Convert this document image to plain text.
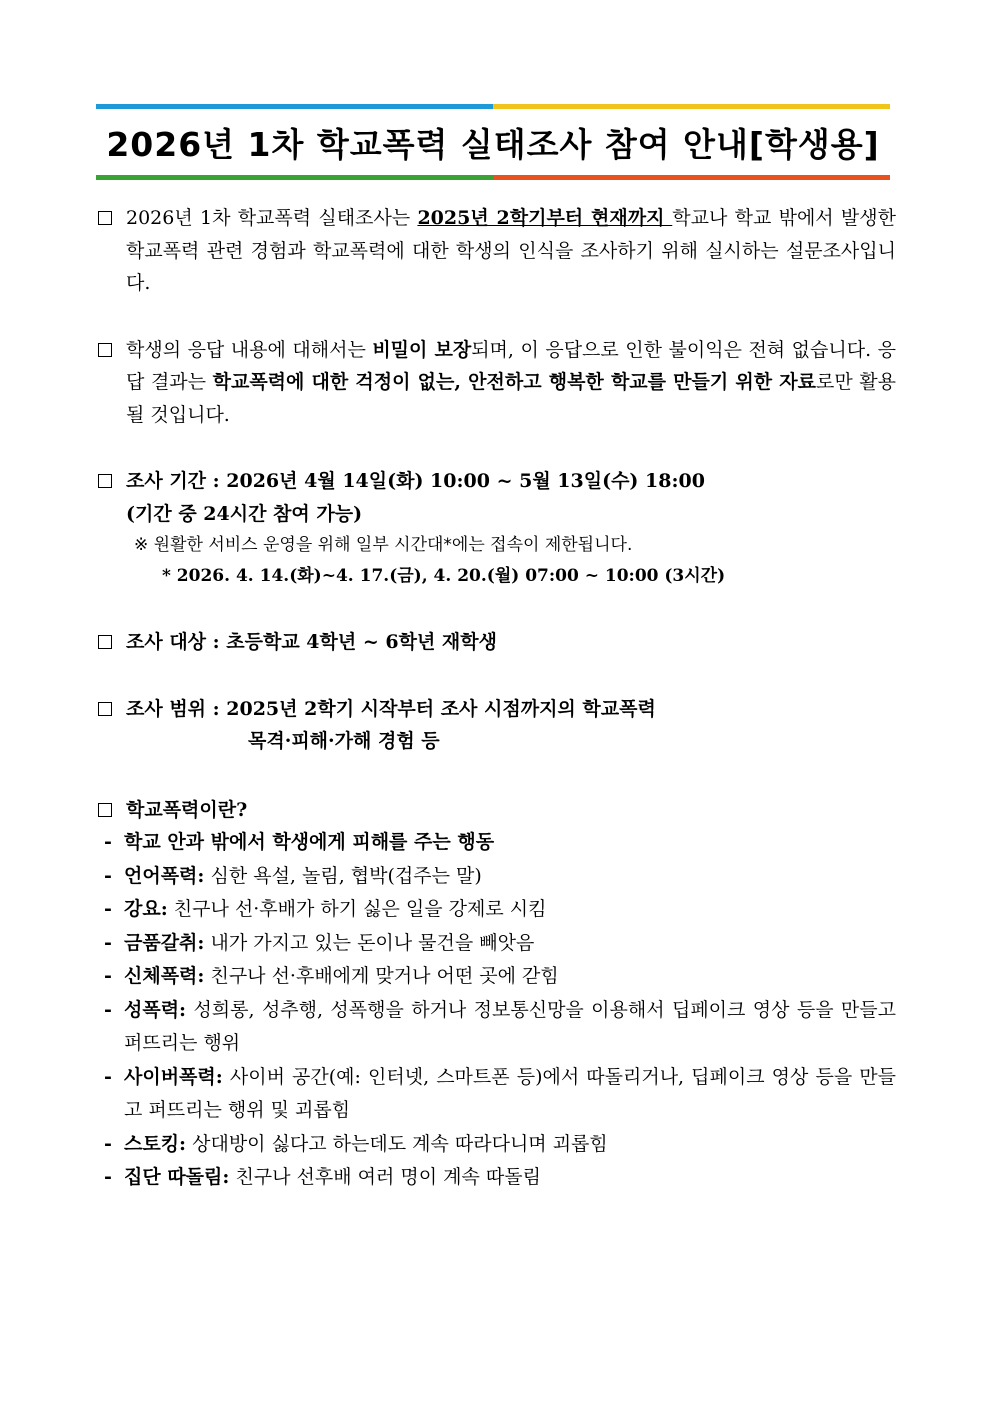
2026년 1차 학교폭력 실태조사 참여 안내[학생용]
2026년 1차 학교폭력 실태조사는 2025년 2학기부터 현재까지 학교나 학교 밖에서 발생한 학교폭력 관련 경험과 학교폭력에 대한 학생의 인식을 조사하기 위해 실시하는 설문조사입니다.
학생의 응답 내용에 대해서는 비밀이 보장되며, 이 응답으로 인한 불이익은 전혀 없습니다. 응답 결과는 학교폭력에 대한 걱정이 없는, 안전하고 행복한 학교를 만들기 위한 자료로만 활용될 것입니다.
조사 기간 : 2026년 4월 14일(화) 10:00 ~ 5월 13일(수) 18:00
(기간 중 24시간 참여 가능)
※ 원활한 서비스 운영을 위해 일부 시간대*에는 접속이 제한됩니다.
* 2026. 4. 14.(화)~4. 17.(금), 4. 20.(월) 07:00 ~ 10:00 (3시간)
조사 대상 : 초등학교 4학년 ~ 6학년 재학생
조사 범위 : 2025년 2학기 시작부터 조사 시점까지의 학교폭력
목격·피해·가해 경험 등
학교폭력이란?
- 학교 안과 밖에서 학생에게 피해를 주는 행동
- 언어폭력: 심한 욕설, 놀림, 협박(겁주는 말)
- 강요: 친구나 선·후배가 하기 싫은 일을 강제로 시킴
- 금품갈취: 내가 가지고 있는 돈이나 물건을 빼앗음
- 신체폭력: 친구나 선·후배에게 맞거나 어떤 곳에 갇힘
- 성폭력: 성희롱, 성추행, 성폭행을 하거나 정보통신망을 이용해서 딥페이크 영상 등을 만들고 퍼뜨리는 행위
- 사이버폭력: 사이버 공간(예: 인터넷, 스마트폰 등)에서 따돌리거나, 딥페이크 영상 등을 만들고 퍼뜨리는 행위 및 괴롭힘
- 스토킹: 상대방이 싫다고 하는데도 계속 따라다니며 괴롭힘
- 집단 따돌림: 친구나 선후배 여러 명이 계속 따돌림
